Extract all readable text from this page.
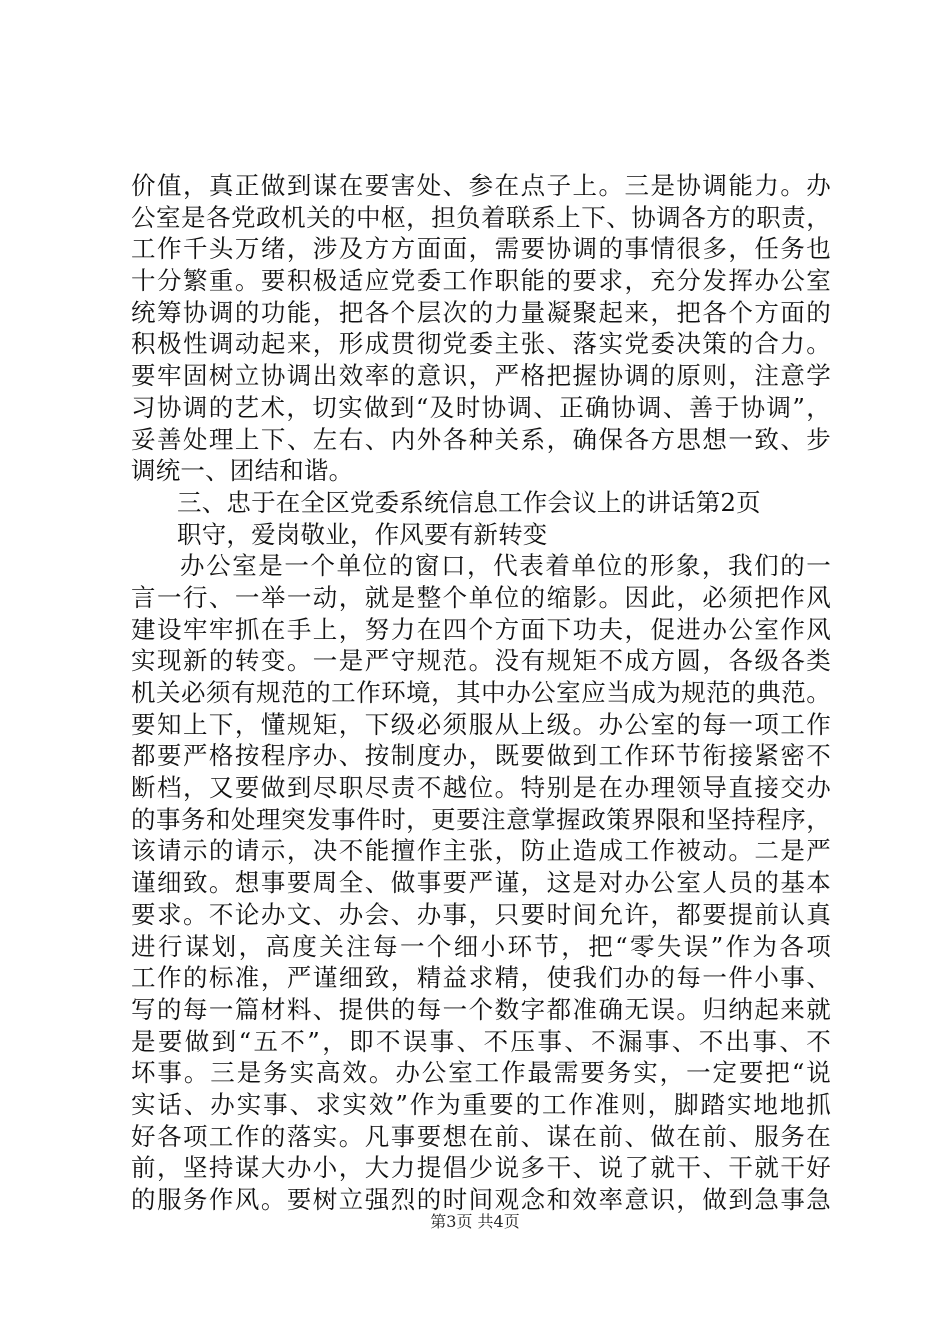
价值，真正做到谋在要害处、参在点子上。三是协调能力。办
公室是各党政机关的中枢，担负着联系上下、协调各方的职责，
工作千头万绪，涉及方方面面，需要协调的事情很多，任务也
十分繁重。要积极适应党委工作职能的要求，充分发挥办公室
统筹协调的功能，把各个层次的力量凝聚起来，把各个方面的
积极性调动起来，形成贯彻党委主张、落实党委决策的合力。
要牢固树立协调出效率的意识，严格把握协调的原则，注意学
习协调的艺术，切实做到“及时协调、正确协调、善于协调”，
妥善处理上下、左右、内外各种关系，确保各方思想一致、步
调统一、团结和谐。
三、忠于在全区党委系统信息工作会议上的讲话第2页
职守，爱岗敬业，作风要有新转变
办公室是一个单位的窗口，代表着单位的形象，我们的一
言一行、一举一动，就是整个单位的缩影。因此，必须把作风
建设牢牢抓在手上，努力在四个方面下功夫，促进办公室作风
实现新的转变。一是严守规范。没有规矩不成方圆，各级各类
机关必须有规范的工作环境，其中办公室应当成为规范的典范。
要知上下，懂规矩，下级必须服从上级。办公室的每一项工作
都要严格按程序办、按制度办，既要做到工作环节衔接紧密不
断档，又要做到尽职尽责不越位。特别是在办理领导直接交办
的事务和处理突发事件时，更要注意掌握政策界限和坚持程序，
该请示的请示，决不能擅作主张，防止造成工作被动。二是严
谨细致。想事要周全、做事要严谨，这是对办公室人员的基本
要求。不论办文、办会、办事，只要时间允许，都要提前认真
进行谋划，高度关注每一个细小环节，把“零失误”作为各项
工作的标准，严谨细致，精益求精，使我们办的每一件小事、
写的每一篇材料、提供的每一个数字都准确无误。归纳起来就
是要做到“五不”，即不误事、不压事、不漏事、不出事、不
坏事。三是务实高效。办公室工作最需要务实，一定要把“说
实话、办实事、求实效”作为重要的工作准则，脚踏实地地抓
好各项工作的落实。凡事要想在前、谋在前、做在前、服务在
前，坚持谋大办小，大力提倡少说多干、说了就干、干就干好
的服务作风。要树立强烈的时间观念和效率意识，做到急事急
第3页 共4页
